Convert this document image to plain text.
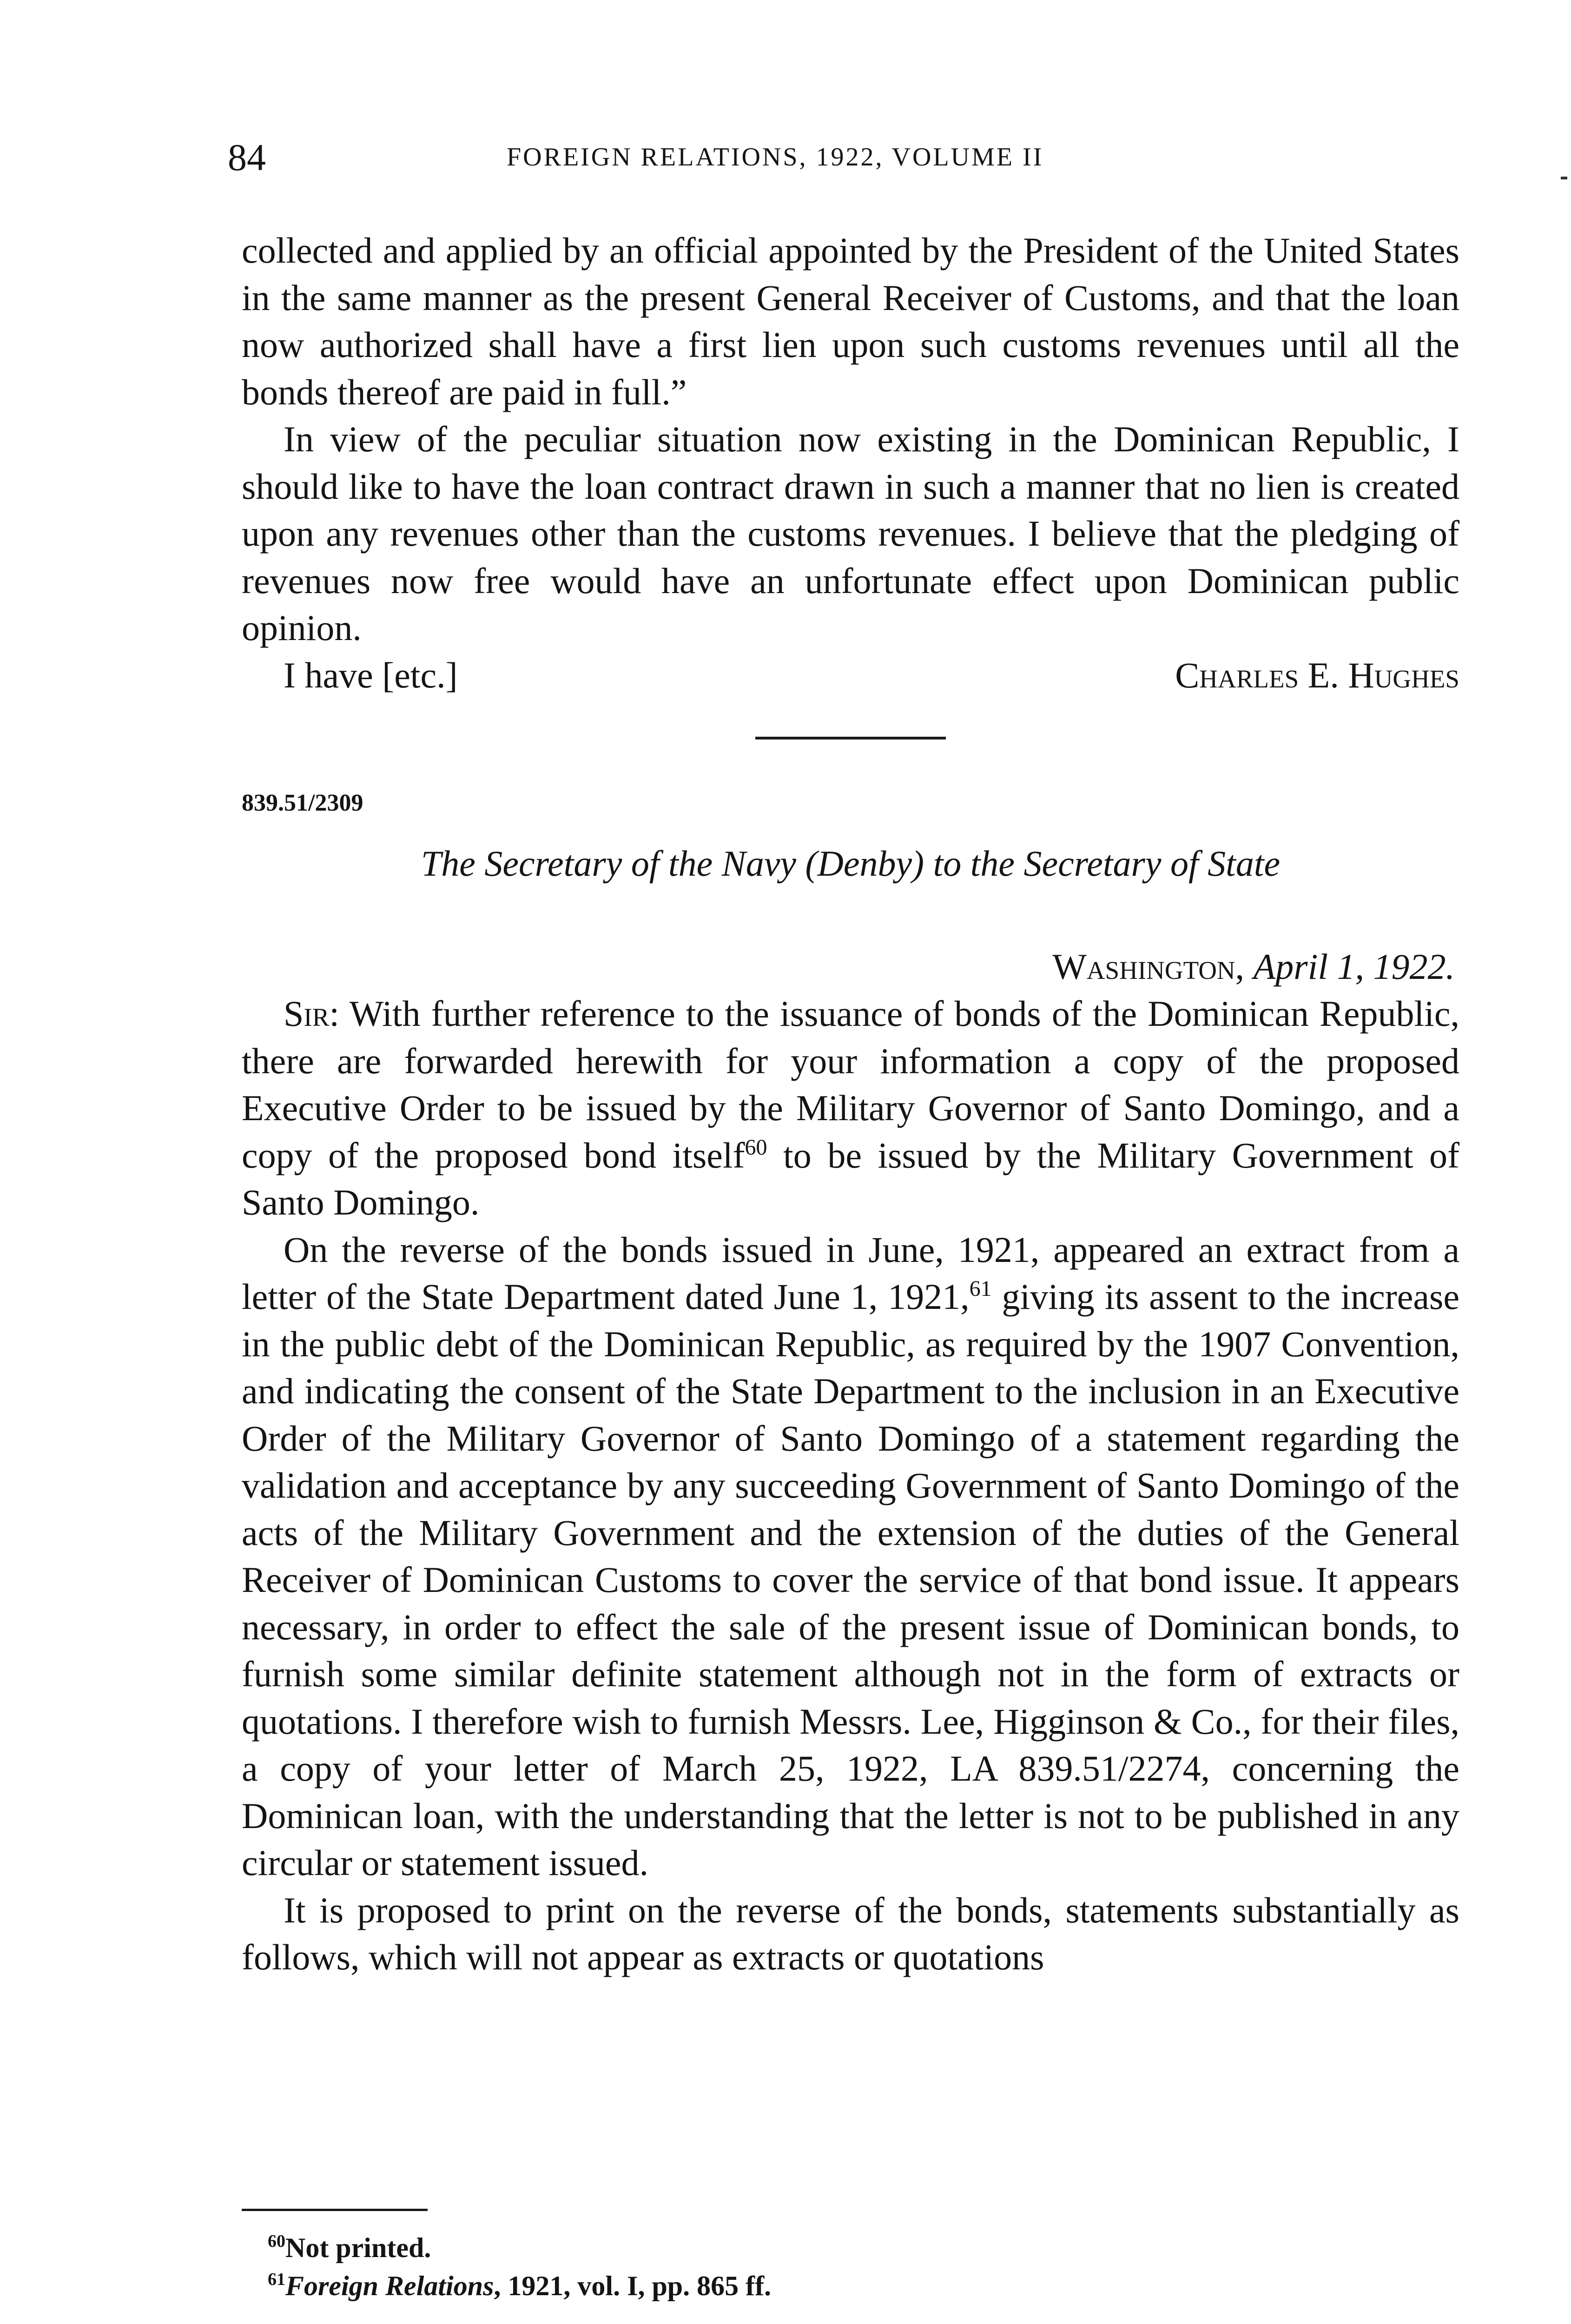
84	FOREIGN RELATIONS, 1922, VOLUME II

collected and applied by an official appointed by the President of the United States in the same manner as the present General Receiver of Customs, and that the loan now authorized shall have a first lien upon such customs revenues until all the bonds thereof are paid in full.”

In view of the peculiar situation now existing in the Dominican Republic, I should like to have the loan contract drawn in such a manner that no lien is created upon any revenues other than the customs revenues. I believe that the pledging of revenues now free would have an unfortunate effect upon Dominican public opinion.

I have [etc.]	Charles E. Hughes
839.51/2309
The Secretary of the Navy (Denby) to the Secretary of State
Washington, April 1, 1922.

Sir: With further reference to the issuance of bonds of the Dominican Republic, there are forwarded herewith for your information a copy of the proposed Executive Order to be issued by the Military Governor of Santo Domingo, and a copy of the proposed bond itself$^{60}$ to be issued by the Military Government of Santo Domingo.

On the reverse of the bonds issued in June, 1921, appeared an extract from a letter of the State Department dated June 1, 1921,61 giving its assent to the increase in the public debt of the Dominican Republic, as required by the 1907 Convention, and indicating the consent of the State Department to the inclusion in an Executive Order of the Military Governor of Santo Domingo of a statement regarding the validation and acceptance by any succeeding Government of Santo Domingo of the acts of the Military Government and the extension of the duties of the General Receiver of Dominican Customs to cover the service of that bond issue. It appears necessary, in order to effect the sale of the present issue of Dominican bonds, to furnish some similar definite statement although not in the form of extracts or quotations. I therefore wish to furnish Messrs. Lee, Higginson & Co., for their files, a copy of your letter of March 25, 1922, LA 839.51/2274, concerning the Dominican loan, with the understanding that the letter is not to be published in any circular or statement issued.

It is proposed to print on the reverse of the bonds, statements substantially as follows, which will not appear as extracts or quotations

$^{60}$Not printed.
$^{61}$Foreign Relations, 1921, vol. I, pp. 865 ff.
